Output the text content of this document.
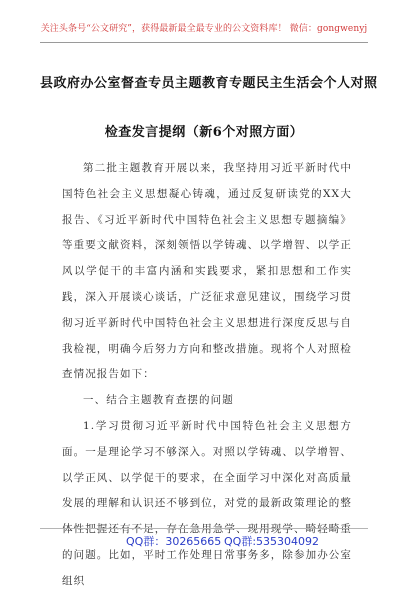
关注头条号“公文研究”，获得最新最全最专业的公文资料库！ 微信：gongwenyj
县政府办公室督查专员主题教育专题民主生活会个人对照
检查发言提纲（新6个对照方面）

第二批主题教育开展以来，我坚持用习近平新时代中国特色社会主义思想凝心铸魂，通过反复研读党的XX大报告、《习近平新时代中国特色社会主义思想专题摘编》等重要文献资料，深刻领悟以学铸魂、以学增智、以学正风以学促干的丰富内涵和实践要求，紧扣思想和工作实践，深入开展谈心谈话，广泛征求意见建议，围绕学习贯彻习近平新时代中国特色社会主义思想进行深度反思与自我检视，明确今后努力方向和整改措施。现将个人对照检查情况报告如下：

一、结合主题教育查摆的问题

1.学习贯彻习近平新时代中国特色社会主义思想方面。一是理论学习不够深入。对照以学铸魂、以学增智、以学正风、以学促干的要求，在全面学习中深化对高质量发展的理解和认识还不够到位，对党的最新政策理论的整体性把握还有不足，存在急用急学、现用现学、畸轻畸重的问题。比如，平时工作处理日常事务多，除参加办公室组织

QQ群：30265665 QQ群:535304092
